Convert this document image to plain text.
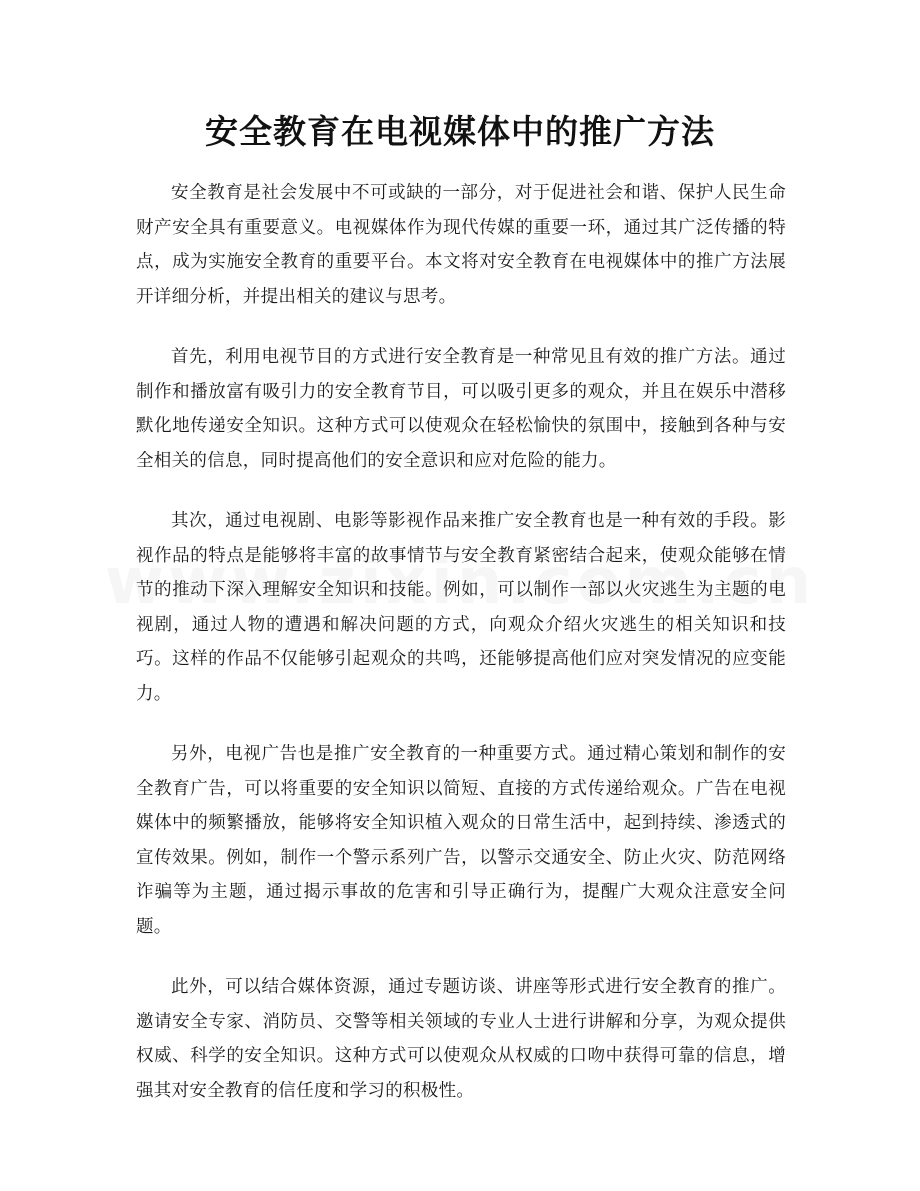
安全教育在电视媒体中的推广方法

安全教育是社会发展中不可或缺的一部分，对于促进社会和谐、保护人民生命财产安全具有重要意义。电视媒体作为现代传媒的重要一环，通过其广泛传播的特点，成为实施安全教育的重要平台。本文将对安全教育在电视媒体中的推广方法展开详细分析，并提出相关的建议与思考。

首先，利用电视节目的方式进行安全教育是一种常见且有效的推广方法。通过制作和播放富有吸引力的安全教育节目，可以吸引更多的观众，并且在娱乐中潜移默化地传递安全知识。这种方式可以使观众在轻松愉快的氛围中，接触到各种与安全相关的信息，同时提高他们的安全意识和应对危险的能力。

其次，通过电视剧、电影等影视作品来推广安全教育也是一种有效的手段。影视作品的特点是能够将丰富的故事情节与安全教育紧密结合起来，使观众能够在情节的推动下深入理解安全知识和技能。例如，可以制作一部以火灾逃生为主题的电视剧，通过人物的遭遇和解决问题的方式，向观众介绍火灾逃生的相关知识和技巧。这样的作品不仅能够引起观众的共鸣，还能够提高他们应对突发情况的应变能力。

另外，电视广告也是推广安全教育的一种重要方式。通过精心策划和制作的安全教育广告，可以将重要的安全知识以简短、直接的方式传递给观众。广告在电视媒体中的频繁播放，能够将安全知识植入观众的日常生活中，起到持续、渗透式的宣传效果。例如，制作一个警示系列广告，以警示交通安全、防止火灾、防范网络诈骗等为主题，通过揭示事故的危害和引导正确行为，提醒广大观众注意安全问题。

此外，可以结合媒体资源，通过专题访谈、讲座等形式进行安全教育的推广。邀请安全专家、消防员、交警等相关领域的专业人士进行讲解和分享，为观众提供权威、科学的安全知识。这种方式可以使观众从权威的口吻中获得可靠的信息，增强其对安全教育的信任度和学习的积极性。
